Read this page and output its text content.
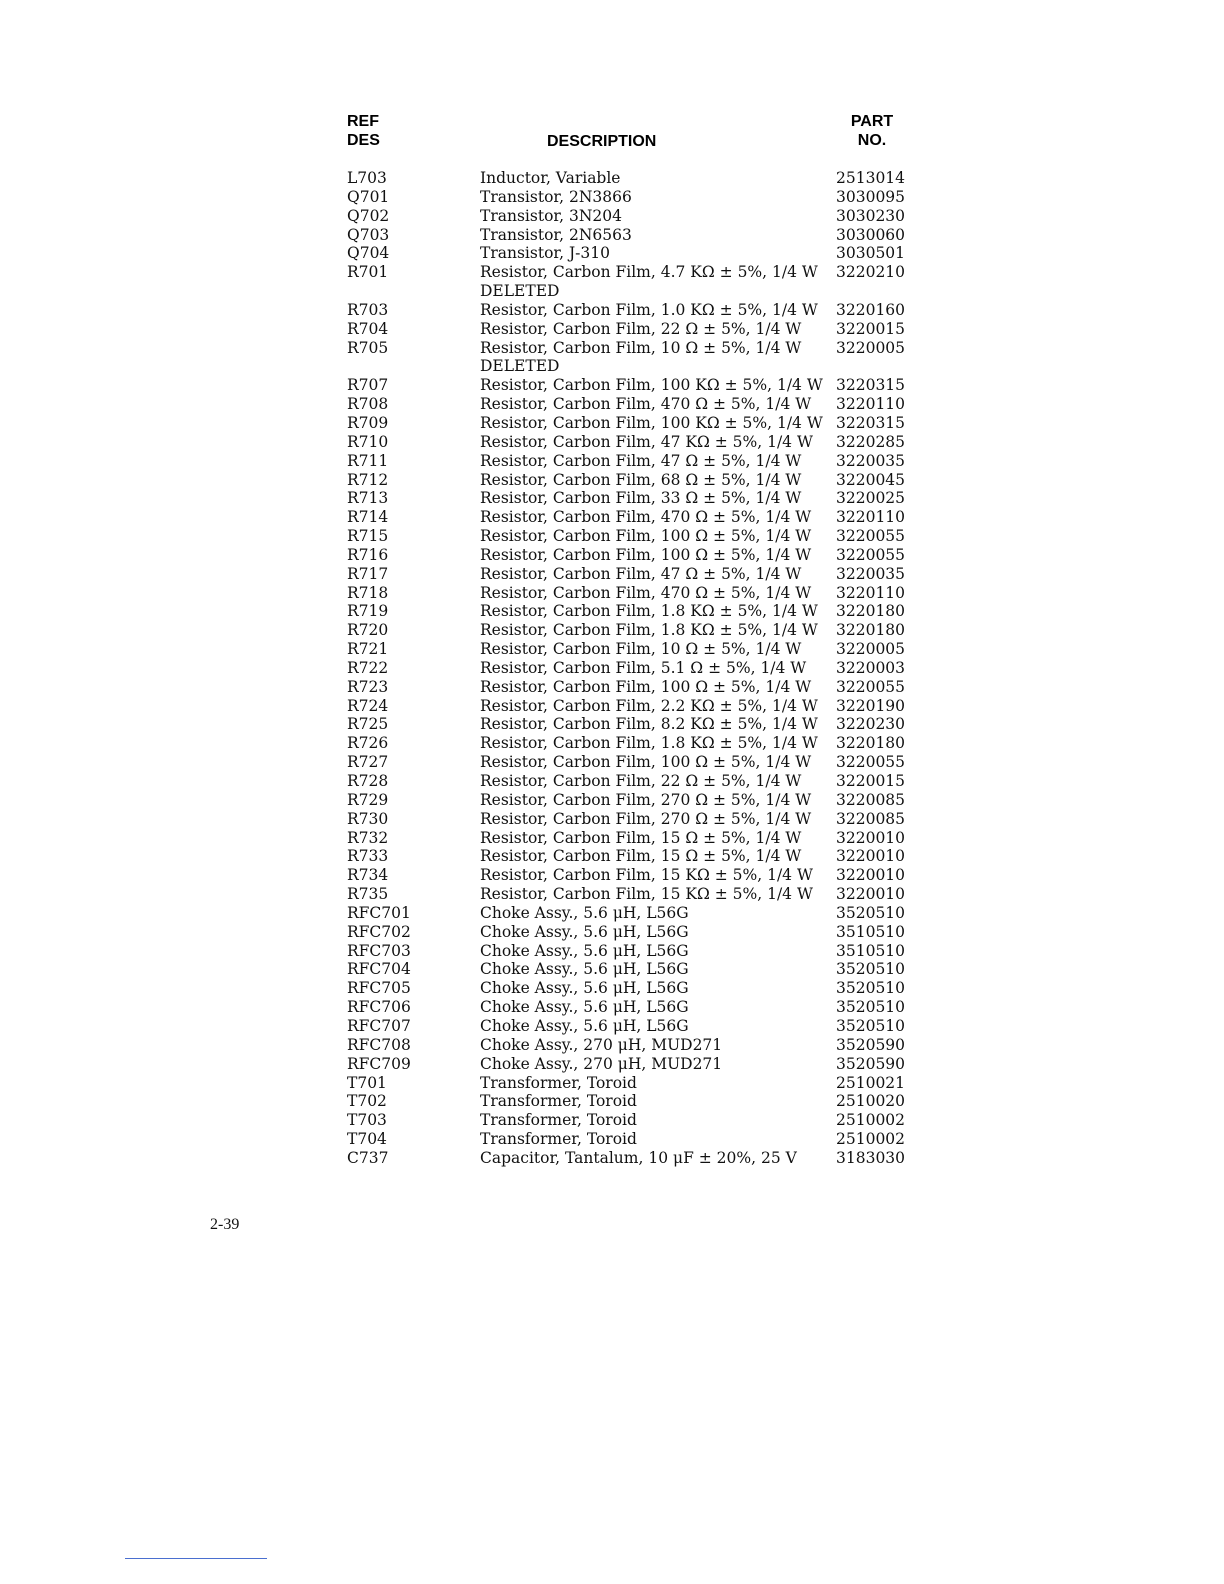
REF
DES	DESCRIPTION
PART
NO.
L703	Inductor, Variable	2513014
Q701	Transistor, 2N3866	3030095
Q702	Transistor, 3N204	3030230
Q703	Transistor, 2N6563	3030060
Q704	Transistor, J-310	3030501
R701	Resistor, Carbon Film, 4.7 KΩ ± 5%, 1/4 W	3220210
DELETED
R703	Resistor, Carbon Film, 1.0 KΩ ± 5%, 1/4 W	3220160
R704	Resistor, Carbon Film, 22 Ω ± 5%, 1/4 W	3220015
R705	Resistor, Carbon Film, 10 Ω ± 5%, 1/4 W	3220005
DELETED
R707	Resistor, Carbon Film, 100 KΩ ± 5%, 1/4 W 3220315
R708	Resistor, Carbon Film, 470 Ω ± 5%, 1/4 W	3220110
R709	Resistor, Carbon Film, 100 KΩ ± 5%, 1/4 W 3220315
R710	Resistor, Carbon Film, 47 KΩ ± 5%, 1/4 W	3220285
R711	Resistor, Carbon Film, 47 Ω ± 5%, 1/4 W	3220035
R712	Resistor, Carbon Film, 68 Ω ± 5%, 1/4 W	3220045
R713	Resistor, Carbon Film, 33 Ω ± 5%, 1/4 W	3220025
R714	Resistor, Carbon Film, 470 Ω ± 5%, 1/4 W	3220110
R715	Resistor, Carbon Film, 100 Ω ± 5%, 1/4 W	3220055
R716	Resistor, Carbon Film, 100 Ω ± 5%, 1/4 W	3220055
R717	Resistor, Carbon Film, 47 Ω ± 5%, 1/4 W	3220035
R718	Resistor, Carbon Film, 470 Ω ± 5%, 1/4 W	3220110
R719	Resistor, Carbon Film, 1.8 KΩ ± 5%, 1/4 W	3220180
R720	Resistor, Carbon Film, 1.8 KΩ ± 5%, 1/4 W	3220180
R721	Resistor, Carbon Film, 10 Ω ± 5%, 1/4 W	3220005
R722	Resistor, Carbon Film, 5.1 Ω ± 5%, 1/4 W	3220003
R723	Resistor, Carbon Film, 100 Ω ± 5%, 1/4 W	3220055
R724	Resistor, Carbon Film, 2.2 KΩ ± 5%, 1/4 W	3220190
R725	Resistor, Carbon Film, 8.2 KΩ ± 5%, 1/4 W	3220230
R726	Resistor, Carbon Film, 1.8 KΩ ± 5%, 1/4 W	3220180
R727	Resistor, Carbon Film, 100 Ω ± 5%, 1/4 W	3220055
R728	Resistor, Carbon Film, 22 Ω ± 5%, 1/4 W	3220015
R729	Resistor, Carbon Film, 270 Ω ± 5%, 1/4 W	3220085
R730	Resistor, Carbon Film, 270 Ω ± 5%, 1/4 W	3220085
R732	Resistor, Carbon Film, 15 Ω ± 5%, 1/4 W	3220010
R733	Resistor, Carbon Film, 15 Ω ± 5%, 1/4 W	3220010
R734	Resistor, Carbon Film, 15 KΩ ± 5%, 1/4 W	3220010
R735	Resistor, Carbon Film, 15 KΩ ± 5%, 1/4 W	3220010
RFC701	Choke Assy., 5.6 μH, L56G	3520510
RFC702	Choke Assy., 5.6 μH, L56G	3510510
RFC703	Choke Assy., 5.6 μH, L56G	3510510
RFC704	Choke Assy., 5.6 μH, L56G	3520510
RFC705	Choke Assy., 5.6 μH, L56G	3520510
RFC706	Choke Assy., 5.6 μH, L56G	3520510
RFC707	Choke Assy., 5.6 μH, L56G	3520510
RFC708	Choke Assy., 270 μH, MUD271	3520590
RFC709	Choke Assy., 270 μH, MUD271	3520590
T701	Transformer, Toroid	2510021
T702	Transformer, Toroid	2510020
T703	Transformer, Toroid	2510002
T704	Transformer, Toroid	2510002
C737	Capacitor, Tantalum, 10 μF ± 20%, 25 V	3183030
2-39
